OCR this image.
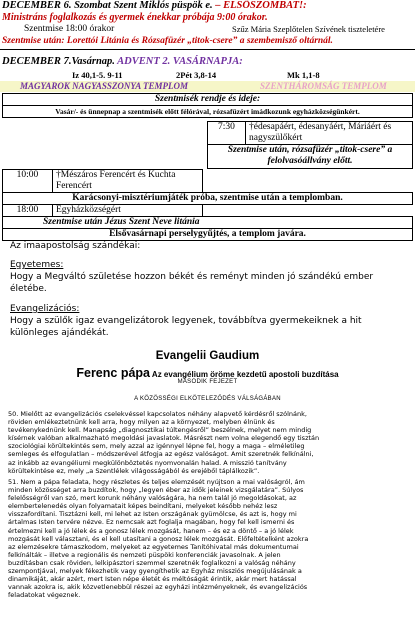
DECEMBER 6. Szombat Szent Miklós püspök e. – ELSŐSZOMBAT!:
Ministráns foglalkozás és gyermek énekkar próbája 9:00 órakor.
Szentmise 18:00 órakor	Szűz Mária Szeplőtelen Szívének tiszteletére
Szentmise után: Lorettói Litánia és Rózsafüzér „titok-csere” a szembemisző oltárnál.
DECEMBER 7.Vasárnap. ADVENT 2. VASÁRNAPJA:
Iz 40,1-5. 9-11	2Pét 3,8-14	Mk 1,1-8
MAGYAROK NAGYASSZONYA TEMPLOM	SZENTHÁROMSÁG TEMPLOM
Szentmisék rendje és ideje:
Vasár/- és ünnepnap a szentmisék előtt félórával, rózsafüzért imádkozunk egyházközségünkért.
7:30	†édesapáért, édesanyáért, Máriáért és nagyszülőkért
Szentmise után, rózsafüzér „titok-csere” a felolvasóállvány előtt.
10:00	†Mészáros Ferencért és Kuchta Ferencért	
Karácsonyi-misztériumjáték próba, szentmise után a templomban.		
18:00	Egyházközségért	
Szentmise után Jézus Szent Neve litánia		
Elsővasárnapi perselygyűjtés, a templom javára.		
Az imaapostolság szándékai:
Egyetemes:
Hogy a Megváltó születése hozzon békét és reményt minden jó szándékú ember
életébe.
Evangelizációs:
Hogy a szülők igaz evangelizátorok legyenek, továbbítva gyermekeiknek a hit
különleges ajándékát.
Evangelii Gaudium
Ferenc pápa Az evangélium öröme kezdetű apostoli buzdítása
MÁSODIK FEJEZET
A KÖZÖSSÉGI ELKÖTELEZŐDÉS VÁLSÁGÁBAN
50. Mielőtt az evangelizációs cselekvéssel kapcsolatos néhány alapvető kérdésről szólnánk,
röviden emlékeztetnünk kell arra, hogy milyen az a környezet, melyben élnünk és
tevékenykednünk kell. Manapság „diagnosztikai túltengésről” beszélnek, melyet nem mindig
kísérnek valóban alkalmazható megoldási javaslatok. Másrészt nem volna elegendő egy tisztán
szociológiai körültekintés sem, mely azzal az igénnyel lépne fel, hogy a maga – elméletileg
semleges és elfogulatlan – módszerével átfogja az egész valóságot. Amit szeretnék felkínálni,
az inkább az evangéliumi megkülönböztetés nyomvonalán halad. A misszió tanítvány
körültekintése ez, mely „a Szentlélek világosságából és erejéből táplálkozik”.
51. Nem a pápa feladata, hogy részletes és teljes elemzését nyújtson a mai valóságról, ám
minden közösséget arra buzdítok, hogy „legyen éber az idők jeleinek vizsgálatára”. Súlyos
felelősségről van szó, mert korunk néhány valóságára, ha nem talál jó megoldásokat, az
elembertelenedés olyan folyamatait képes beindítani, melyeket később nehéz lesz
visszafordítani. Tisztázni kell, mi lehet az Isten országának gyümölcse, és azt is, hogy mi
ártalmas Isten tervére nézve. Ez nemcsak azt foglalja magában, hogy fel kell ismerni és
értelmezni kell a jó lélek és a gonosz lélek mozgását, hanem – és ez a döntő – a jó lélek
mozgását kell választani, és el kell utasítani a gonosz lélek mozgását. Előfeltételként azokra
az elemzésekre támaszkodom, melyeket az egyetemes Tanítóhivatal más dokumentumai
felkínálták – illetve a regionális és nemzeti püspöki konferenciák javasolnak. A jelen
buzdításban csak röviden, lelkipásztori szemmel szeretnék foglalkozni a valóság néhány
szempontjával, melyek fékezhetik vagy gyengíthetik az Egyház missziós megújulásának a
dinamikáját, akár azért, mert Isten népe életét és méltóságát érintik, akár mert hatással
vannak azokra is, akik közvetlenebbül részei az egyházi intézményeknek, és evangelizációs
feladatokat végeznek.
